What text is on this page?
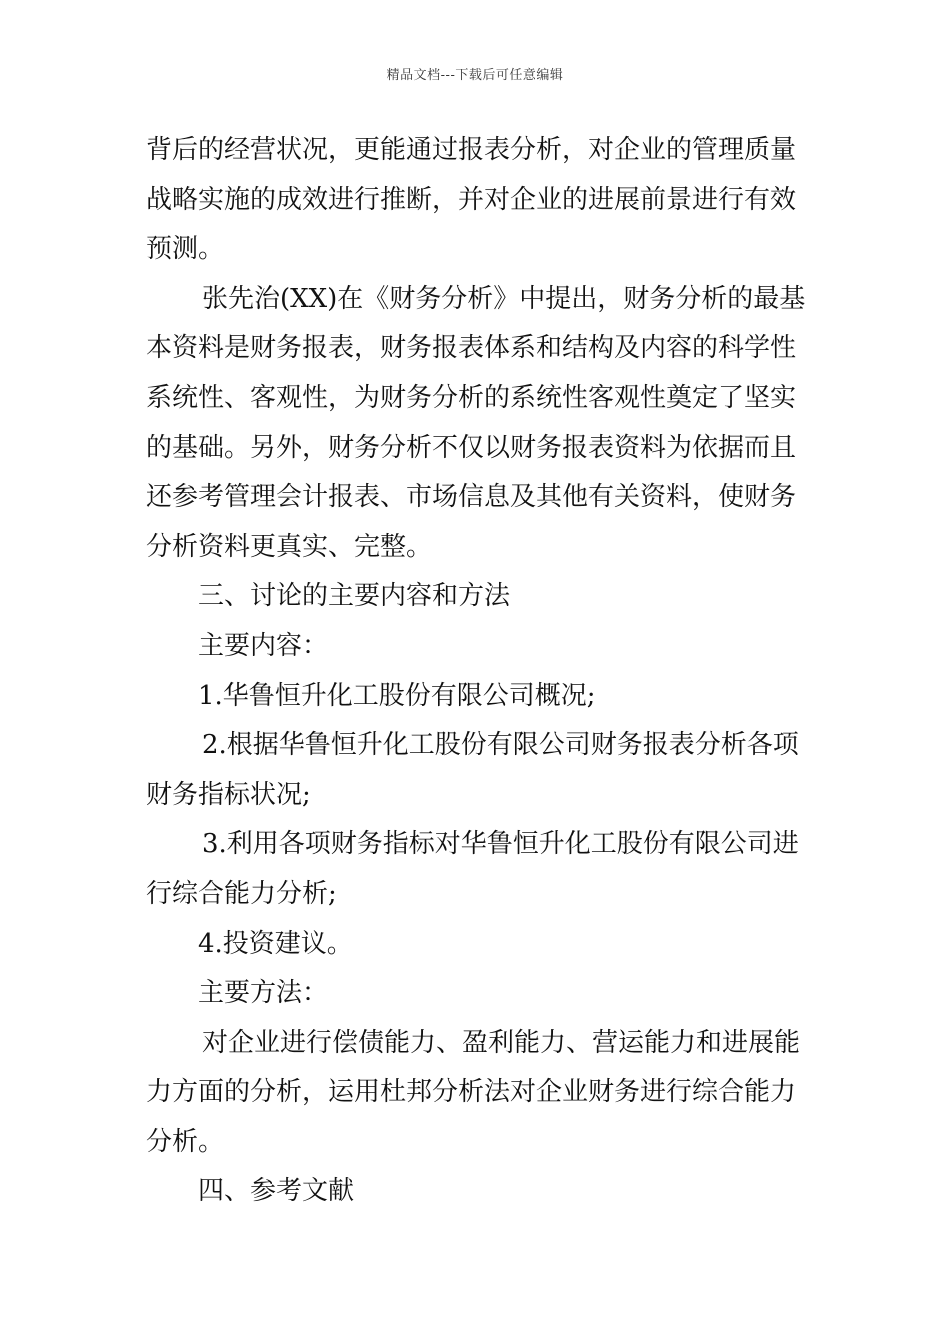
精品文档---下载后可任意编辑
背后的经营状况，更能通过报表分析，对企业的管理质量
战略实施的成效进行推断，并对企业的进展前景进行有效
预测。
张先治(XX)在《财务分析》中提出，财务分析的最基
本资料是财务报表，财务报表体系和结构及内容的科学性
系统性、客观性，为财务分析的系统性客观性奠定了坚实
的基础。另外，财务分析不仅以财务报表资料为依据而且
还参考管理会计报表、市场信息及其他有关资料，使财务
分析资料更真实、完整。
三、讨论的主要内容和方法
主要内容：
1.华鲁恒升化工股份有限公司概况;
2.根据华鲁恒升化工股份有限公司财务报表分析各项
财务指标状况;
3.利用各项财务指标对华鲁恒升化工股份有限公司进
行综合能力分析;
4.投资建议。
主要方法：
对企业进行偿债能力、盈利能力、营运能力和进展能
力方面的分析，运用杜邦分析法对企业财务进行综合能力
分析。
四、参考文献
